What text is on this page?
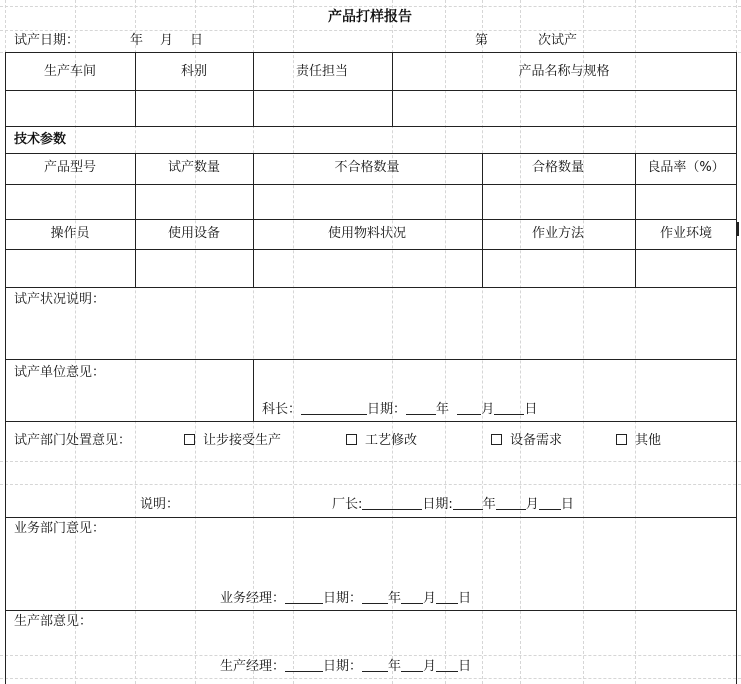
产品打样报告
试产日期：	年 月 日	第	次试产
生产车间	科别	责任担当	产品名称与规格
技术参数
产品型号	试产数量	不合格数量	合格数量	良品率（%）
操作员	使用设备	使用物料状况	作业方法	作业环境
试产状况说明：
试产单位意见：
科长：	日期： 年 月 日
试产部门处置意见：	让步接受生产	工艺修改	设备需求	其他
说明：	厂长:	日期: 年 月 日
业务部门意见：
业务经理：	日期： 年 月 日
生产部意见：
生产经理：	日期： 年 月 日
